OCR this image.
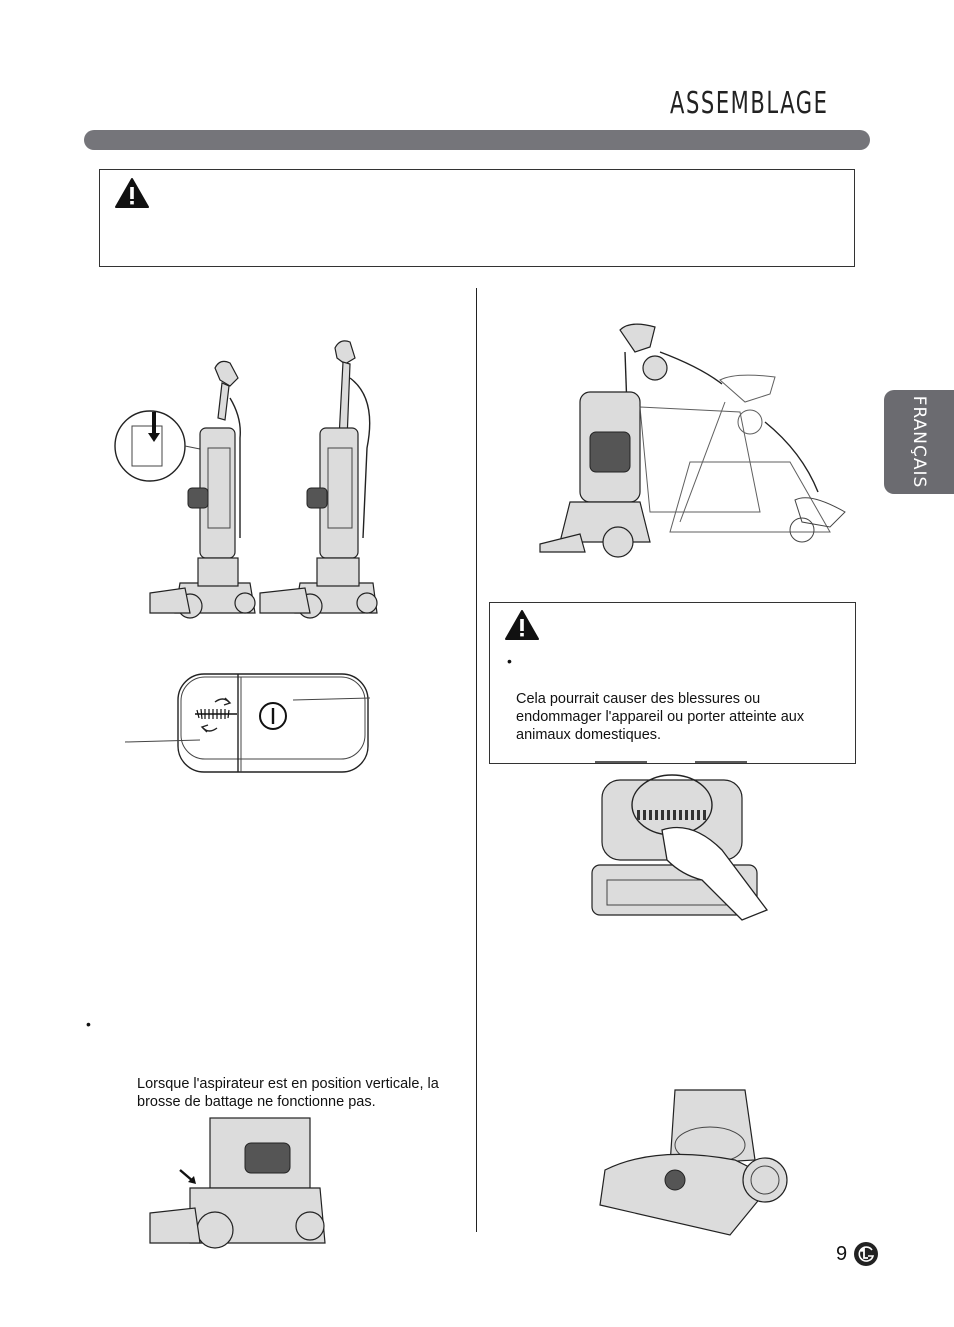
ASSEMBLAGE
FRANÇAIS
•
Cela pourrait causer des blessures ou endommager l'appareil ou porter atteinte aux animaux domestiques.
•
Lorsque l'aspirateur est en position verticale, la brosse de battage ne fonctionne pas.
9
